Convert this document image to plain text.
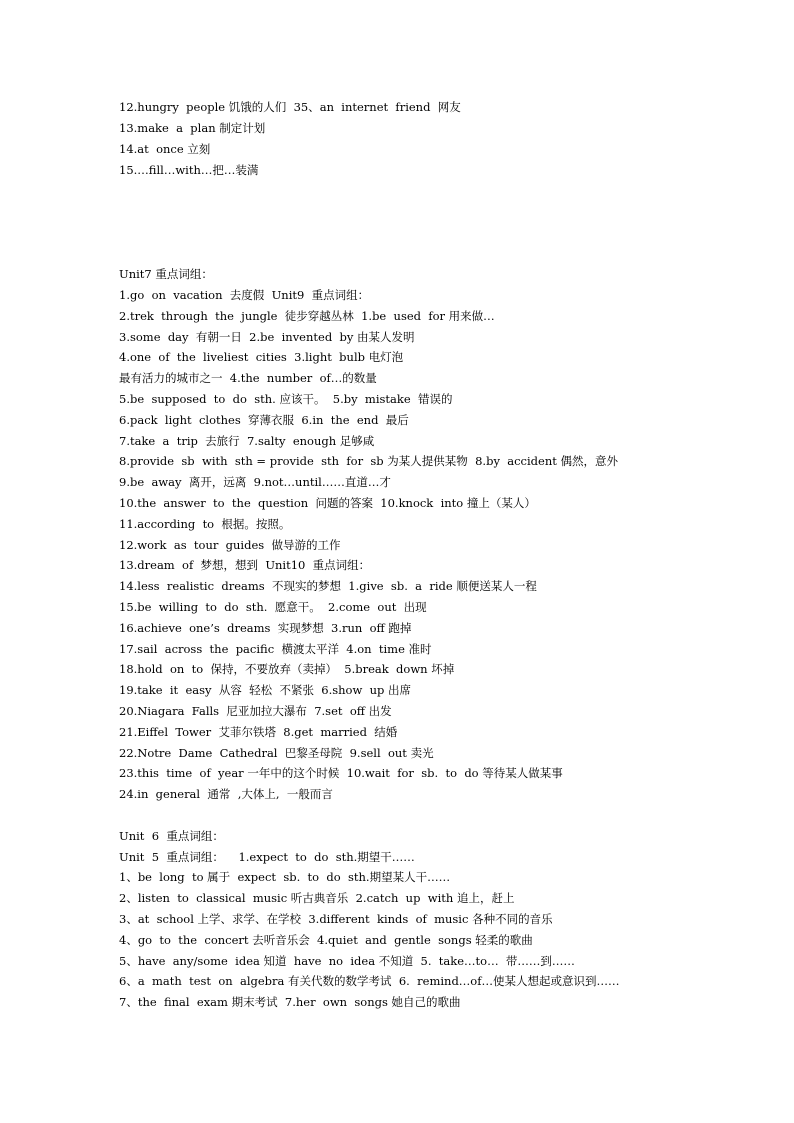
12.hungry  people 饥饿的人们  35、an  internet  friend  网友
13.make  a  plan 制定计划
14.at  once 立刻
15.…fill…with…把…装满
Unit7 重点词组：
1.go  on  vacation  去度假  Unit9  重点词组：
2.trek  through  the  jungle  徒步穿越丛林  1.be  used  for 用来做…
3.some  day  有朝一日  2.be  invented  by 由某人发明
4.one  of  the  liveliest  cities  3.light  bulb 电灯泡
最有活力的城市之一  4.the  number  of…的数量
5.be  supposed  to  do  sth. 应该干。  5.by  mistake  错误的
6.pack  light  clothes  穿薄衣服  6.in  the  end  最后
7.take  a  trip  去旅行  7.salty  enough 足够咸
8.provide  sb  with  sth = provide  sth  for  sb 为某人提供某物  8.by  accident 偶然，意外
9.be  away  离开，远离  9.not…until……直道…才
10.the  answer  to  the  question  问题的答案  10.knock  into 撞上（某人）
11.according  to  根据。按照。
12.work  as  tour  guides  做导游的工作
13.dream  of  梦想，想到  Unit10  重点词组：
14.less  realistic  dreams  不现实的梦想  1.give  sb.  a  ride 顺便送某人一程
15.be  willing  to  do  sth.  愿意干。  2.come  out  出现
16.achieve  one’s  dreams  实现梦想  3.run  off 跑掉
17.sail  across  the  pacific  横渡太平洋  4.on  time 准时
18.hold  on  to  保持，不要放弃（卖掉）  5.break  down 坏掉
19.take  it  easy  从容  轻松  不紧张  6.show  up 出席
20.Niagara  Falls  尼亚加拉大瀑布  7.set  off 出发
21.Eiffel  Tower  艾菲尔铁塔  8.get  married  结婚
22.Notre  Dame  Cathedral  巴黎圣母院  9.sell  out 卖光
23.this  time  of  year 一年中的这个时候  10.wait  for  sb.  to  do 等待某人做某事
24.in  general  通常  ,大体上,  一般而言
Unit  6  重点词组：
Unit  5  重点词组：    1.expect  to  do  sth.期望干……
1、be  long  to 属于  expect  sb.  to  do  sth.期望某人干……
2、listen  to  classical  music 听古典音乐  2.catch  up  with 追上，赶上
3、at  school 上学、求学、在学校  3.different  kinds  of  music 各种不同的音乐
4、go  to  the  concert 去听音乐会  4.quiet  and  gentle  songs 轻柔的歌曲
5、have  any/some  idea 知道  have  no  idea 不知道  5.  take…to…  带……到……
6、a  math  test  on  algebra 有关代数的数学考试  6.  remind…of…使某人想起或意识到……
7、the  final  exam 期末考试  7.her  own  songs 她自己的歌曲
